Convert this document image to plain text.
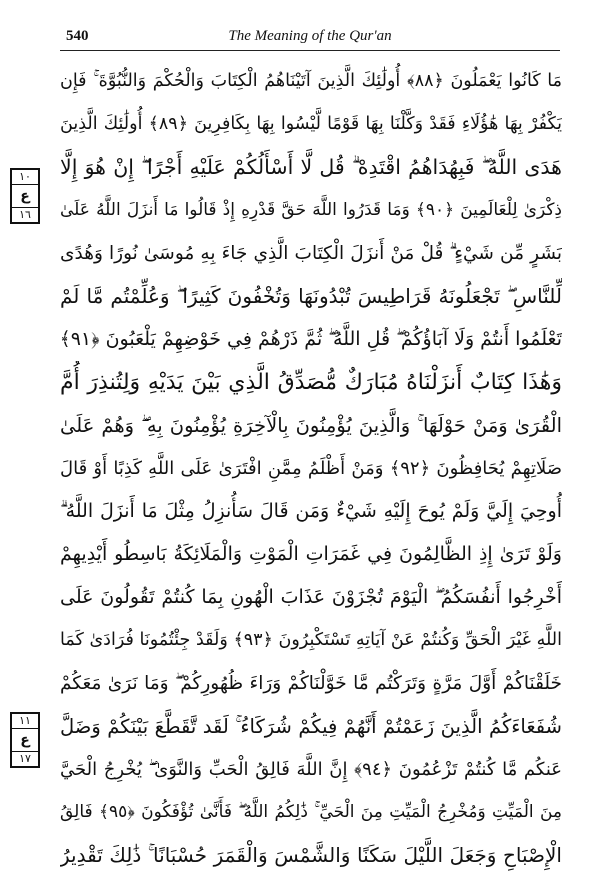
540	The Meaning of the Qur'an
مَا كَانُوا يَعْمَلُونَ ﴿٨٨﴾ أُولَٰئِكَ الَّذِينَ آتَيْنَاهُمُ الْكِتَابَ وَالْحُكْمَ وَالنُّبُوَّةَ ۚ فَإِن
يَكْفُرْ بِهَا هَٰؤُلَاءِ فَقَدْ وَكَّلْنَا بِهَا قَوْمًا لَّيْسُوا بِهَا بِكَافِرِينَ ﴿٨٩﴾ أُولَٰئِكَ الَّذِينَ
هَدَى اللَّهُ ۖ فَبِهُدَاهُمُ اقْتَدِهْ ۗ قُل لَّا أَسْأَلُكُمْ عَلَيْهِ أَجْرًا ۖ إِنْ هُوَ إِلَّا
ذِكْرَىٰ لِلْعَالَمِينَ ﴿٩٠﴾ وَمَا قَدَرُوا اللَّهَ حَقَّ قَدْرِهِ إِذْ قَالُوا مَا أَنزَلَ اللَّهُ عَلَىٰ
بَشَرٍ مِّن شَيْءٍ ۗ قُلْ مَنْ أَنزَلَ الْكِتَابَ الَّذِي جَاءَ بِهِ مُوسَىٰ نُورًا وَهُدًى
لِّلنَّاسِ ۖ تَجْعَلُونَهُ قَرَاطِيسَ تُبْدُونَهَا وَتُخْفُونَ كَثِيرًا ۖ وَعُلِّمْتُم مَّا لَمْ
تَعْلَمُوا أَنتُمْ وَلَا آبَاؤُكُمْ ۖ قُلِ اللَّهُ ۖ ثُمَّ ذَرْهُمْ فِي خَوْضِهِمْ يَلْعَبُونَ ﴿٩١﴾
وَهَٰذَا كِتَابٌ أَنزَلْنَاهُ مُبَارَكٌ مُّصَدِّقُ الَّذِي بَيْنَ يَدَيْهِ وَلِتُنذِرَ أُمَّ
الْقُرَىٰ وَمَنْ حَوْلَهَا ۚ وَالَّذِينَ يُؤْمِنُونَ بِالْآخِرَةِ يُؤْمِنُونَ بِهِ ۖ وَهُمْ عَلَىٰ
صَلَاتِهِمْ يُحَافِظُونَ ﴿٩٢﴾ وَمَنْ أَظْلَمُ مِمَّنِ افْتَرَىٰ عَلَى اللَّهِ كَذِبًا أَوْ قَالَ
أُوحِيَ إِلَيَّ وَلَمْ يُوحَ إِلَيْهِ شَيْءٌ وَمَن قَالَ سَأُنزِلُ مِثْلَ مَا أَنزَلَ اللَّهُ ۗ
وَلَوْ تَرَىٰ إِذِ الظَّالِمُونَ فِي غَمَرَاتِ الْمَوْتِ وَالْمَلَائِكَةُ بَاسِطُو أَيْدِيهِمْ
أَخْرِجُوا أَنفُسَكُمُ ۖ الْيَوْمَ تُجْزَوْنَ عَذَابَ الْهُونِ بِمَا كُنتُمْ تَقُولُونَ عَلَى
اللَّهِ غَيْرَ الْحَقِّ وَكُنتُمْ عَنْ آيَاتِهِ تَسْتَكْبِرُونَ ﴿٩٣﴾ وَلَقَدْ جِئْتُمُونَا فُرَادَىٰ كَمَا
خَلَقْنَاكُمْ أَوَّلَ مَرَّةٍ وَتَرَكْتُم مَّا خَوَّلْنَاكُمْ وَرَاءَ ظُهُورِكُمْ ۖ وَمَا نَرَىٰ مَعَكُمْ
شُفَعَاءَكُمُ الَّذِينَ زَعَمْتُمْ أَنَّهُمْ فِيكُمْ شُرَكَاءُ ۚ لَقَد تَّقَطَّعَ بَيْنَكُمْ وَضَلَّ
عَنكُم مَّا كُنتُمْ تَزْعُمُونَ ﴿٩٤﴾ إِنَّ اللَّهَ فَالِقُ الْحَبِّ وَالنَّوَىٰ ۖ يُخْرِجُ الْحَيَّ
مِنَ الْمَيِّتِ وَمُخْرِجُ الْمَيِّتِ مِنَ الْحَيِّ ۚ ذَٰلِكُمُ اللَّهُ ۖ فَأَنَّىٰ تُؤْفَكُونَ ﴿٩٥﴾ فَالِقُ
الْإِصْبَاحِ وَجَعَلَ اللَّيْلَ سَكَنًا وَالشَّمْسَ وَالْقَمَرَ حُسْبَانًا ۚ ذَٰلِكَ تَقْدِيرُ
١٠
ع
١٦
١١
ع
١٧
